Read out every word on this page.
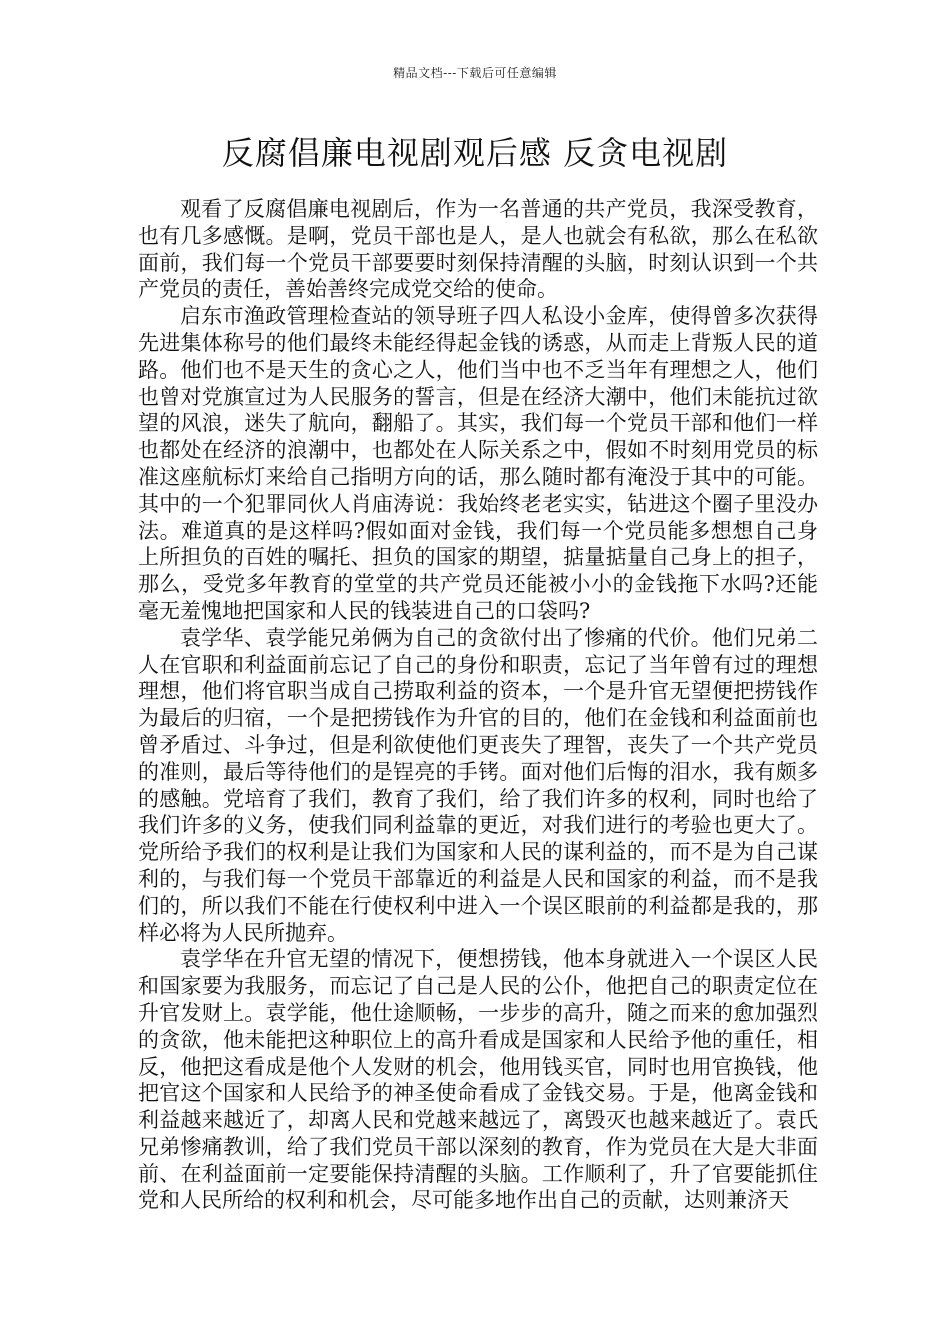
精品文档---下载后可任意编辑
反腐倡廉电视剧观后感 反贪电视剧

观看了反腐倡廉电视剧后，作为一名普通的共产党员，我深受教育，也有几多感慨。是啊，党员干部也是人，是人也就会有私欲，那么在私欲面前，我们每一个党员干部要要时刻保持清醒的头脑，时刻认识到一个共产党员的责任，善始善终完成党交给的使命。

启东市渔政管理检查站的领导班子四人私设小金库，使得曾多次获得先进集体称号的他们最终未能经得起金钱的诱惑，从而走上背叛人民的道路。他们也不是天生的贪心之人，他们当中也不乏当年有理想之人，他们也曾对党旗宣过为人民服务的誓言，但是在经济大潮中，他们未能抗过欲望的风浪，迷失了航向，翻船了。其实，我们每一个党员干部和他们一样也都处在经济的浪潮中，也都处在人际关系之中，假如不时刻用党员的标准这座航标灯来给自己指明方向的话，那么随时都有淹没于其中的可能。其中的一个犯罪同伙人肖庙涛说：我始终老老实实，钻进这个圈子里没办法。难道真的是这样吗?假如面对金钱，我们每一个党员能多想想自己身上所担负的百姓的嘱托、担负的国家的期望，掂量掂量自己身上的担子，那么，受党多年教育的堂堂的共产党员还能被小小的金钱拖下水吗?还能毫无羞愧地把国家和人民的钱装进自己的口袋吗?

袁学华、袁学能兄弟俩为自己的贪欲付出了惨痛的代价。他们兄弟二人在官职和利益面前忘记了自己的身份和职责，忘记了当年曾有过的理想理想，他们将官职当成自己捞取利益的资本，一个是升官无望便把捞钱作为最后的归宿，一个是把捞钱作为升官的目的，他们在金钱和利益面前也曾矛盾过、斗争过，但是利欲使他们更丧失了理智，丧失了一个共产党员的准则，最后等待他们的是锃亮的手铐。面对他们后悔的泪水，我有颇多的感触。党培育了我们，教育了我们，给了我们许多的权利，同时也给了我们许多的义务，使我们同利益靠的更近，对我们进行的考验也更大了。党所给予我们的权利是让我们为国家和人民的谋利益的，而不是为自己谋利的，与我们每一个党员干部靠近的利益是人民和国家的利益，而不是我们的，所以我们不能在行使权利中进入一个误区眼前的利益都是我的，那样必将为人民所抛弃。

袁学华在升官无望的情况下，便想捞钱，他本身就进入一个误区人民和国家要为我服务，而忘记了自己是人民的公仆，他把自己的职责定位在升官发财上。袁学能，他仕途顺畅，一步步的高升，随之而来的愈加强烈的贪欲，他未能把这种职位上的高升看成是国家和人民给予他的重任，相反，他把这看成是他个人发财的机会，他用钱买官，同时也用官换钱，他把官这个国家和人民给予的神圣使命看成了金钱交易。于是，他离金钱和利益越来越近了，却离人民和党越来越远了，离毁灭也越来越近了。袁氏兄弟惨痛教训，给了我们党员干部以深刻的教育，作为党员在大是大非面前、在利益面前一定要能保持清醒的头脑。工作顺利了，升了官要能抓住党和人民所给的权利和机会，尽可能多地作出自己的贡献，达则兼济天
